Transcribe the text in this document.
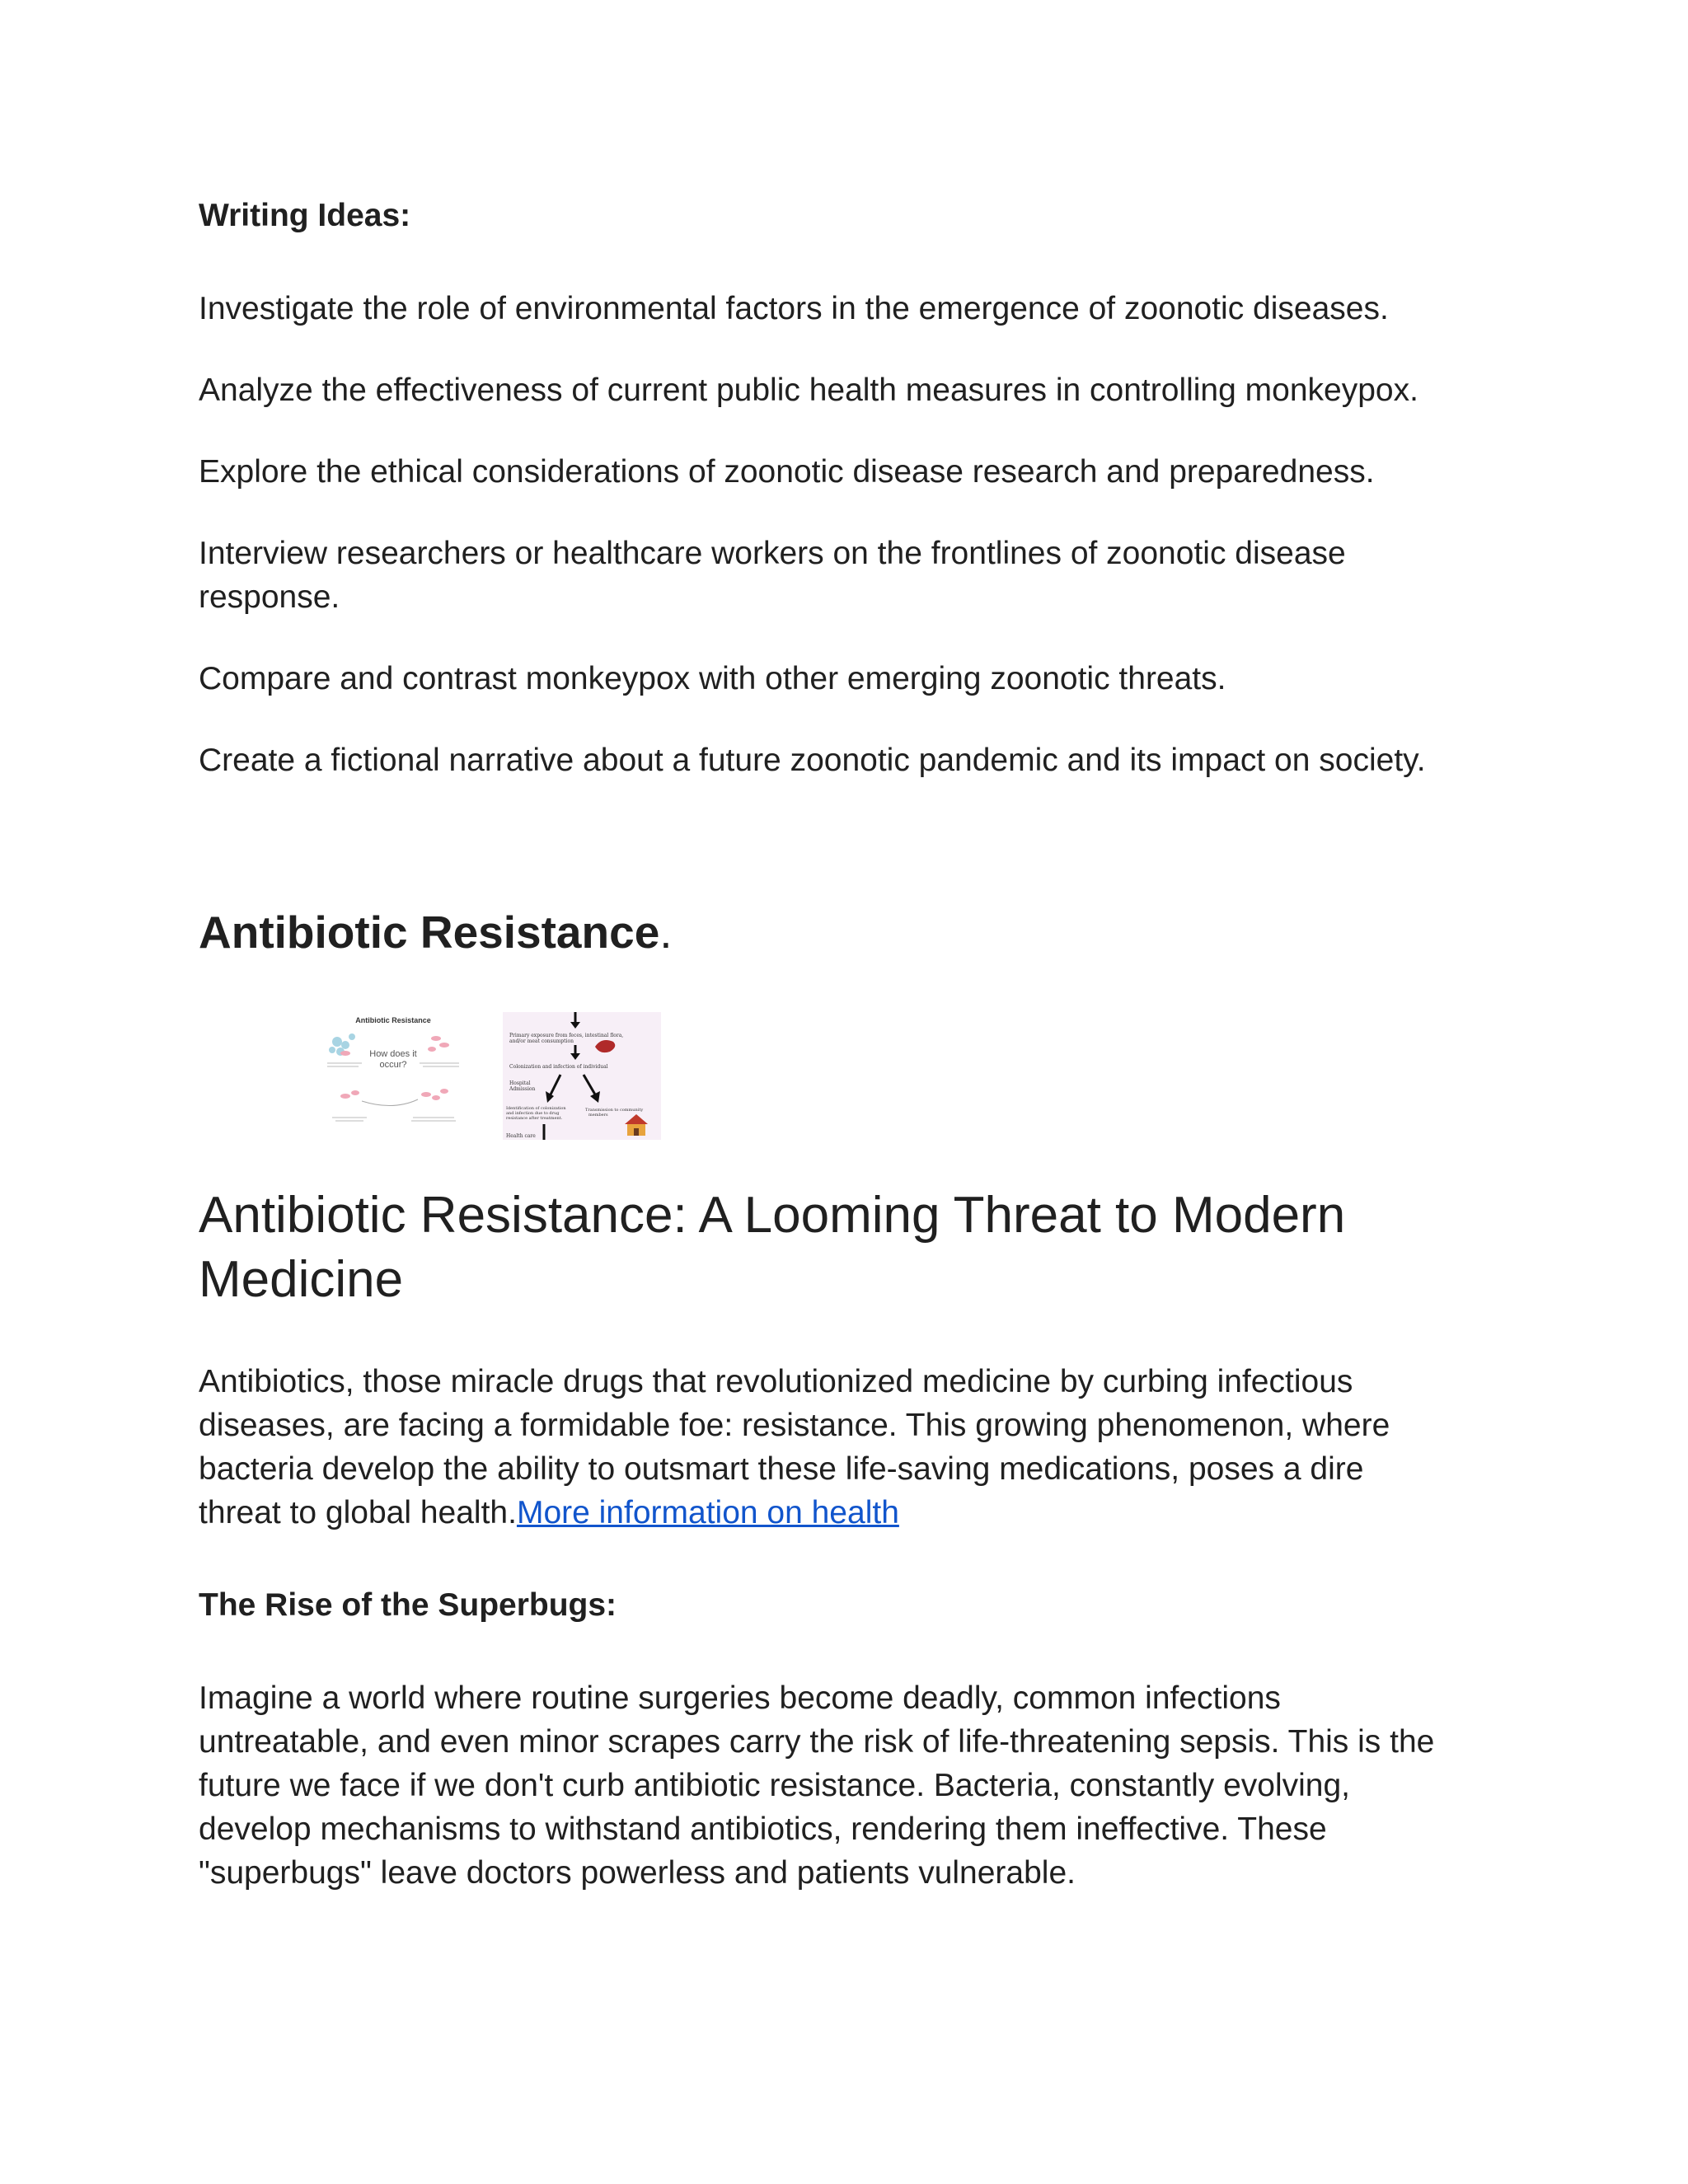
Writing Ideas:

Investigate the role of environmental factors in the emergence of zoonotic diseases.

Analyze the effectiveness of current public health measures in controlling monkeypox.

Explore the ethical considerations of zoonotic disease research and preparedness.

Interview researchers or healthcare workers on the frontlines of zoonotic disease
response.

Compare and contrast monkeypox with other emerging zoonotic threats.

Create a fictional narrative about a future zoonotic pandemic and its impact on society.

Antibiotic Resistance.

Antibiotic Resistance
How does it
occur?
Primary exposure from feces, intestinal flora,
and/or meat consumption
Colonization and infection of individual
Hospital
Admission
Identification of colonization
and infection due to drug
resistance after treatment.
Transmission to community
members
Health care
Antibiotic Resistance: A Looming Threat to Modern
Medicine

Antibiotics, those miracle drugs that revolutionized medicine by curbing infectious
diseases, are facing a formidable foe: resistance. This growing phenomenon, where
bacteria develop the ability to outsmart these life-saving medications, poses a dire
threat to global health.More information on health

The Rise of the Superbugs:

Imagine a world where routine surgeries become deadly, common infections
untreatable, and even minor scrapes carry the risk of life-threatening sepsis. This is the
future we face if we don't curb antibiotic resistance. Bacteria, constantly evolving,
develop mechanisms to withstand antibiotics, rendering them ineffective. These
"superbugs" leave doctors powerless and patients vulnerable.
